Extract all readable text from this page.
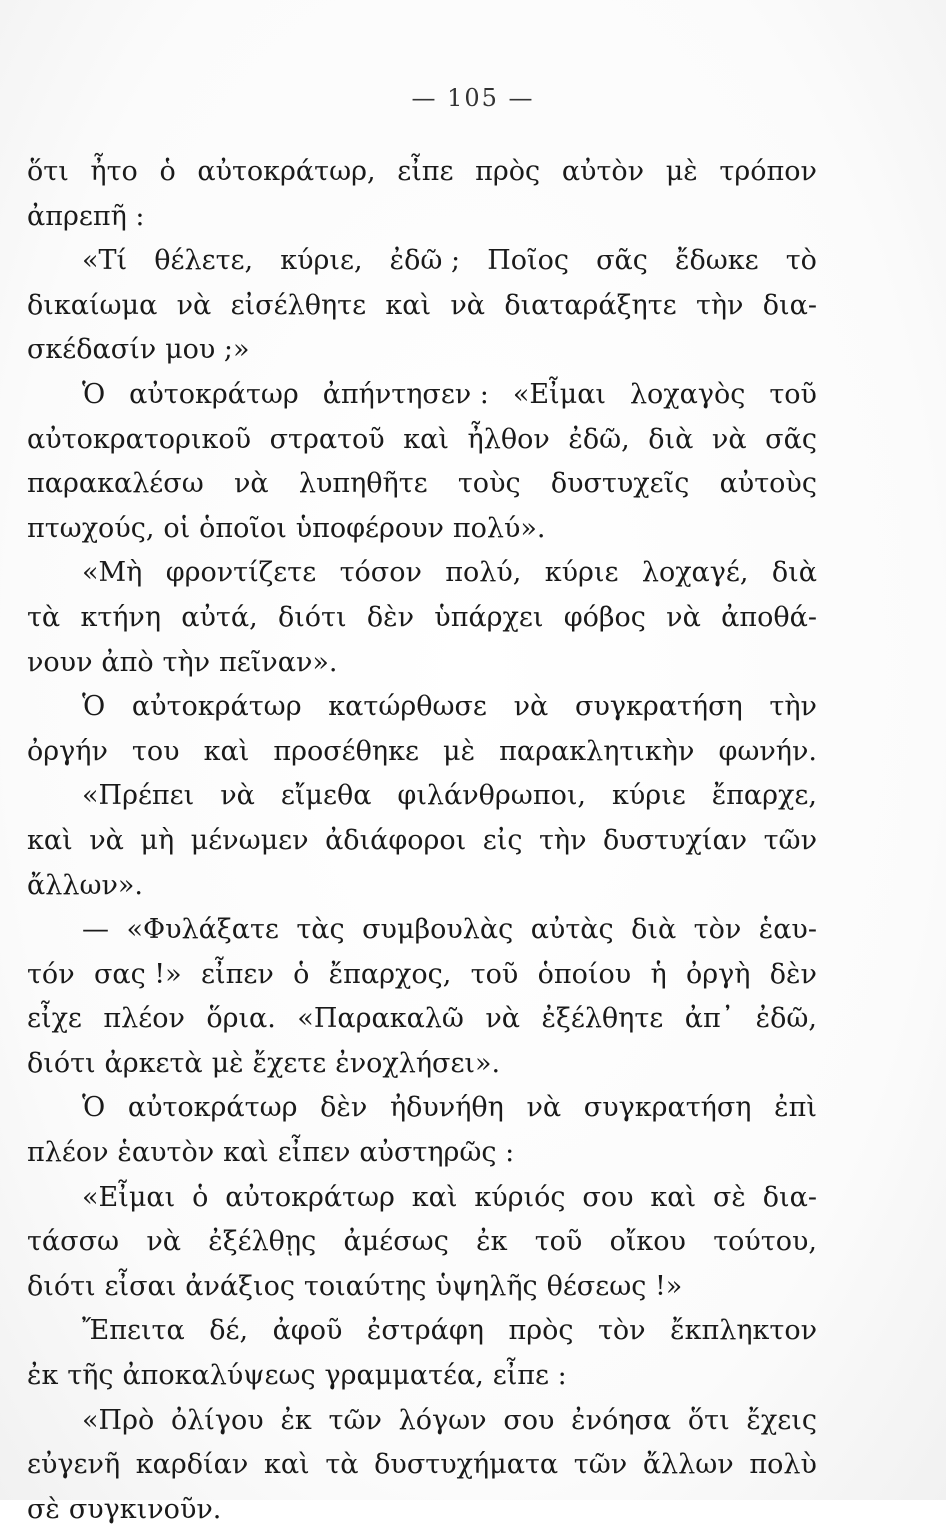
— 105 —
ὅτι ἦτο ὁ αὐτοκράτωρ, εἶπε πρὸς αὐτὸν μὲ τρόπον
ἀπρεπῆ :
«Τί θέλετε, κύριε, ἐδῶ ; Ποῖος σᾶς ἔδωκε τὸ
δικαίωμα νὰ εἰσέλθητε καὶ νὰ διαταράξητε τὴν δια-
σκέδασίν μου ;»
Ὁ αὐτοκράτωρ ἀπήντησεν : «Εἶμαι λοχαγὸς τοῦ
αὐτοκρατορικοῦ στρατοῦ καὶ ἦλθον ἐδῶ, διὰ νὰ σᾶς
παρακαλέσω νὰ λυπηθῆτε τοὺς δυστυχεῖς αὐτοὺς
πτωχούς, οἱ ὁποῖοι ὑποφέρουν πολύ».
«Μὴ φροντίζετε τόσον πολύ, κύριε λοχαγέ, διὰ
τὰ κτήνη αὐτά, διότι δὲν ὑπάρχει φόβος νὰ ἀποθά-
νουν ἀπὸ τὴν πεῖναν».
Ὁ αὐτοκράτωρ κατώρθωσε νὰ συγκρατήση τὴν
ὀργήν του καὶ προσέθηκε μὲ παρακλητικὴν φωνήν.
«Πρέπει νὰ εἴμεθα φιλάνθρωποι, κύριε ἔπαρχε,
καὶ νὰ μὴ μένωμεν ἀδιάφοροι εἰς τὴν δυστυχίαν τῶν
ἄλλων».
— «Φυλάξατε τὰς συμβουλὰς αὐτὰς διὰ τὸν ἑαυ-
τόν σας !» εἶπεν ὁ ἔπαρχος, τοῦ ὁποίου ἡ ὀργὴ δὲν
εἶχε πλέον ὅρια. «Παρακαλῶ νὰ ἐξέλθητε ἀπ᾽ ἐδῶ,
διότι ἀρκετὰ μὲ ἔχετε ἐνοχλήσει».
Ὁ αὐτοκράτωρ δὲν ἠδυνήθη νὰ συγκρατήση ἐπὶ
πλέον ἑαυτὸν καὶ εἶπεν αὐστηρῶς :
«Εἶμαι ὁ αὐτοκράτωρ καὶ κύριός σου καὶ σὲ δια-
τάσσω νὰ ἐξέλθῃς ἀμέσως ἐκ τοῦ οἴκου τούτου,
διότι εἶσαι ἀνάξιος τοιαύτης ὑψηλῆς θέσεως !»
Ἔπειτα δέ, ἀφοῦ ἐστράφη πρὸς τὸν ἔκπληκτον
ἐκ τῆς ἀποκαλύψεως γραμματέα, εἶπε :
«Πρὸ ὀλίγου ἐκ τῶν λόγων σου ἐνόησα ὅτι ἔχεις
εὐγενῆ καρδίαν καὶ τὰ δυστυχήματα τῶν ἄλλων πολὺ
σὲ συγκινοῦν.
